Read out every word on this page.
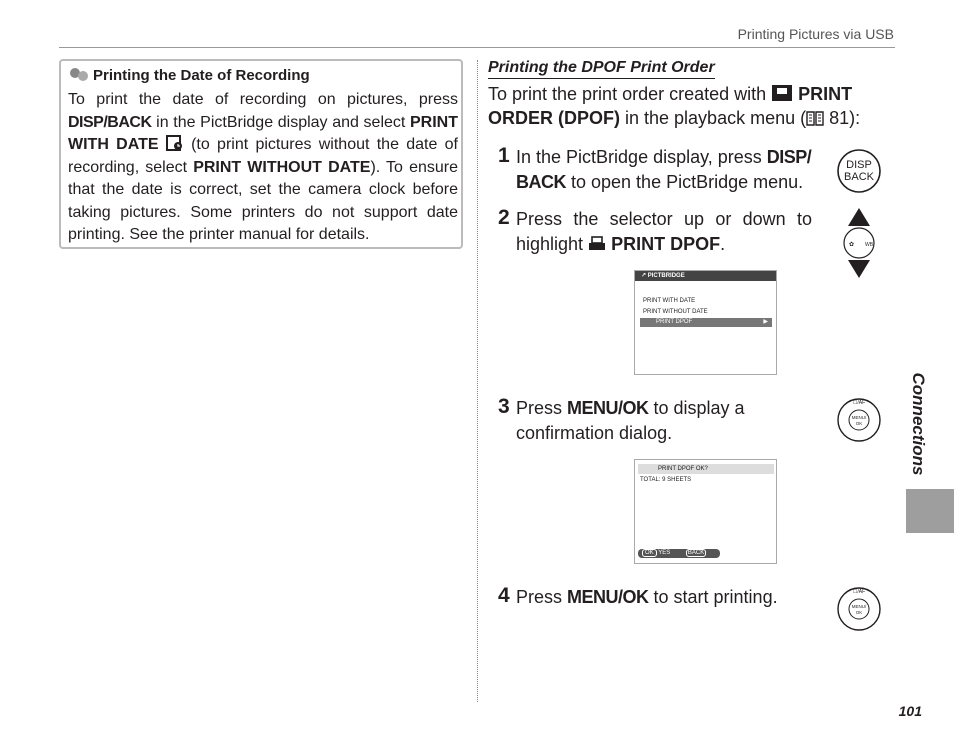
Printing Pictures via USB
Printing the Date of Recording
To print the date of recording on pictures, press DISP/BACK in the PictBridge display and select PRINT WITH DATE  (to print pictures without the date of recording, select PRINT WITHOUT DATE). To ensure that the date is correct, set the camera clock before taking pictures. Some printers do not support date printing. See the printer manual for details.
Printing the DPOF Print Order
To print the print order created with  PRINT ORDER (DPOF) in the playback menu ( 81):
1 In the PictBridge display, press DISP/ BACK to open the PictBridge menu.
DISP
BACK
2 Press the selector up or down to highlight  PRINT DPOF.	✿ WB
↗ PICTBRIDGE
PRINT WITH DATE
PRINT WITHOUT DATE
PRINT DPOF	▶
3 Press MENU/OK to display a confirmation dialog.
☐/AF
MENU/
OK
PRINT DPOF OK?
TOTAL: 9 SHEETS
OK YES	BACK CANCEL
4 Press MENU/OK to start printing.	☐/AF
MENU/
OK
Connections
101
